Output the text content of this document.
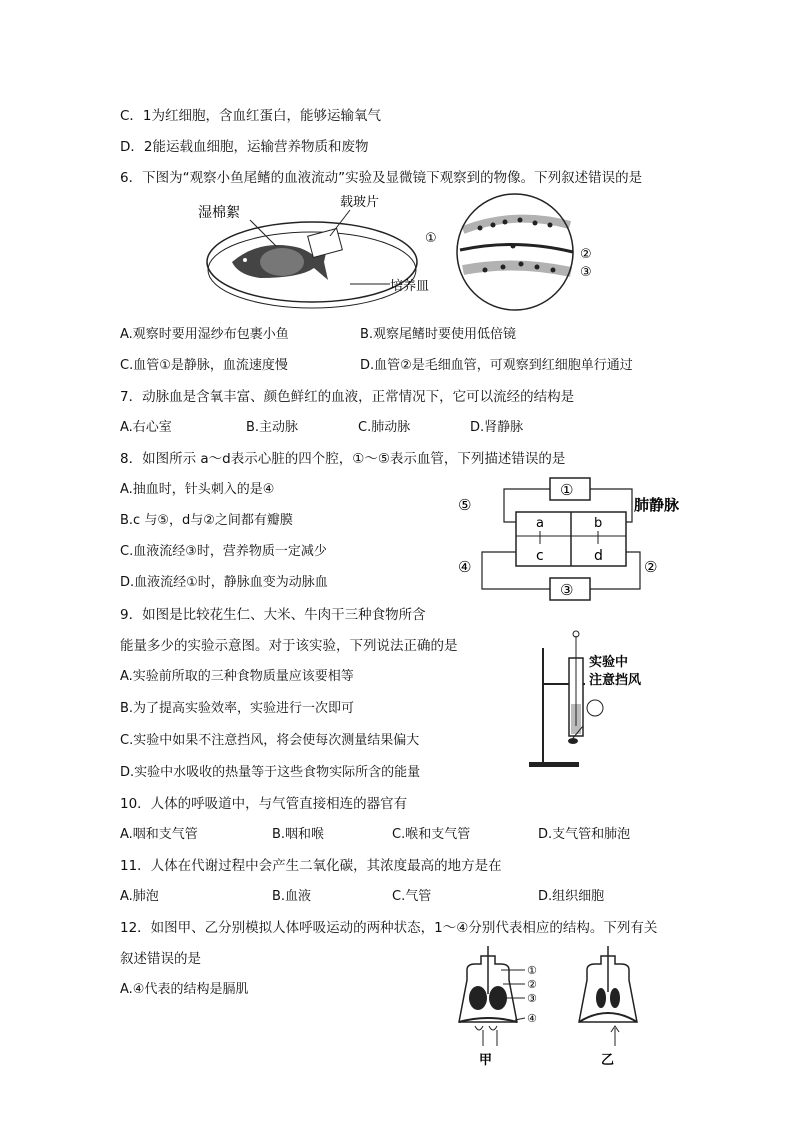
C．1为红细胞，含血红蛋白，能够运输氧气
D．2能运载血细胞，运输营养物质和废物
6．下图为“观察小鱼尾鳍的血液流动”实验及显微镜下观察到的物像。下列叙述错误的是
湿棉絮
载玻片
培养皿
①
②
③
A.观察时要用湿纱布包裹小鱼	B.观察尾鳍时要使用低倍镜
C.血管①是静脉，血流速度慢	D.血管②是毛细血管，可观察到红细胞单行通过
7．动脉血是含氧丰富、颜色鲜红的血液，正常情况下，它可以流经的结构是
A.右心室	B.主动脉	C.肺动脉	D.肾静脉
8．如图所示 a～d表示心脏的四个腔，①～⑤表示血管，下列描述错误的是
A.抽血时，针头刺入的是④
B.c 与⑤，d与②之间都有瓣膜
C.血液流经③时，营养物质一定减少
D.血液流经①时，静脉血变为动脉血
①
a
c
b
d
③
⑤
④	②
肺静脉
9．如图是比较花生仁、大米、牛肉干三种食物所含
能量多少的实验示意图。对于该实验，下列说法正确的是
A.实验前所取的三种食物质量应该要相等
B.为了提高实验效率，实验进行一次即可
C.实验中如果不注意挡风，将会使每次测量结果偏大
D.实验中水吸收的热量等于这些食物实际所含的能量
实验中
注意挡风
10．人体的呼吸道中，与气管直接相连的器官有
A.咽和支气管	B.咽和喉	C.喉和支气管	D.支气管和肺泡
11．人体在代谢过程中会产生二氧化碳，其浓度最高的地方是在
A.肺泡	B.血液	C.气管	D.组织细胞
12．如图甲、乙分别模拟人体呼吸运动的两种状态，1～④分别代表相应的结构。下列有关
叙述错误的是
A.④代表的结构是膈肌
①
②
③
④
甲	乙
